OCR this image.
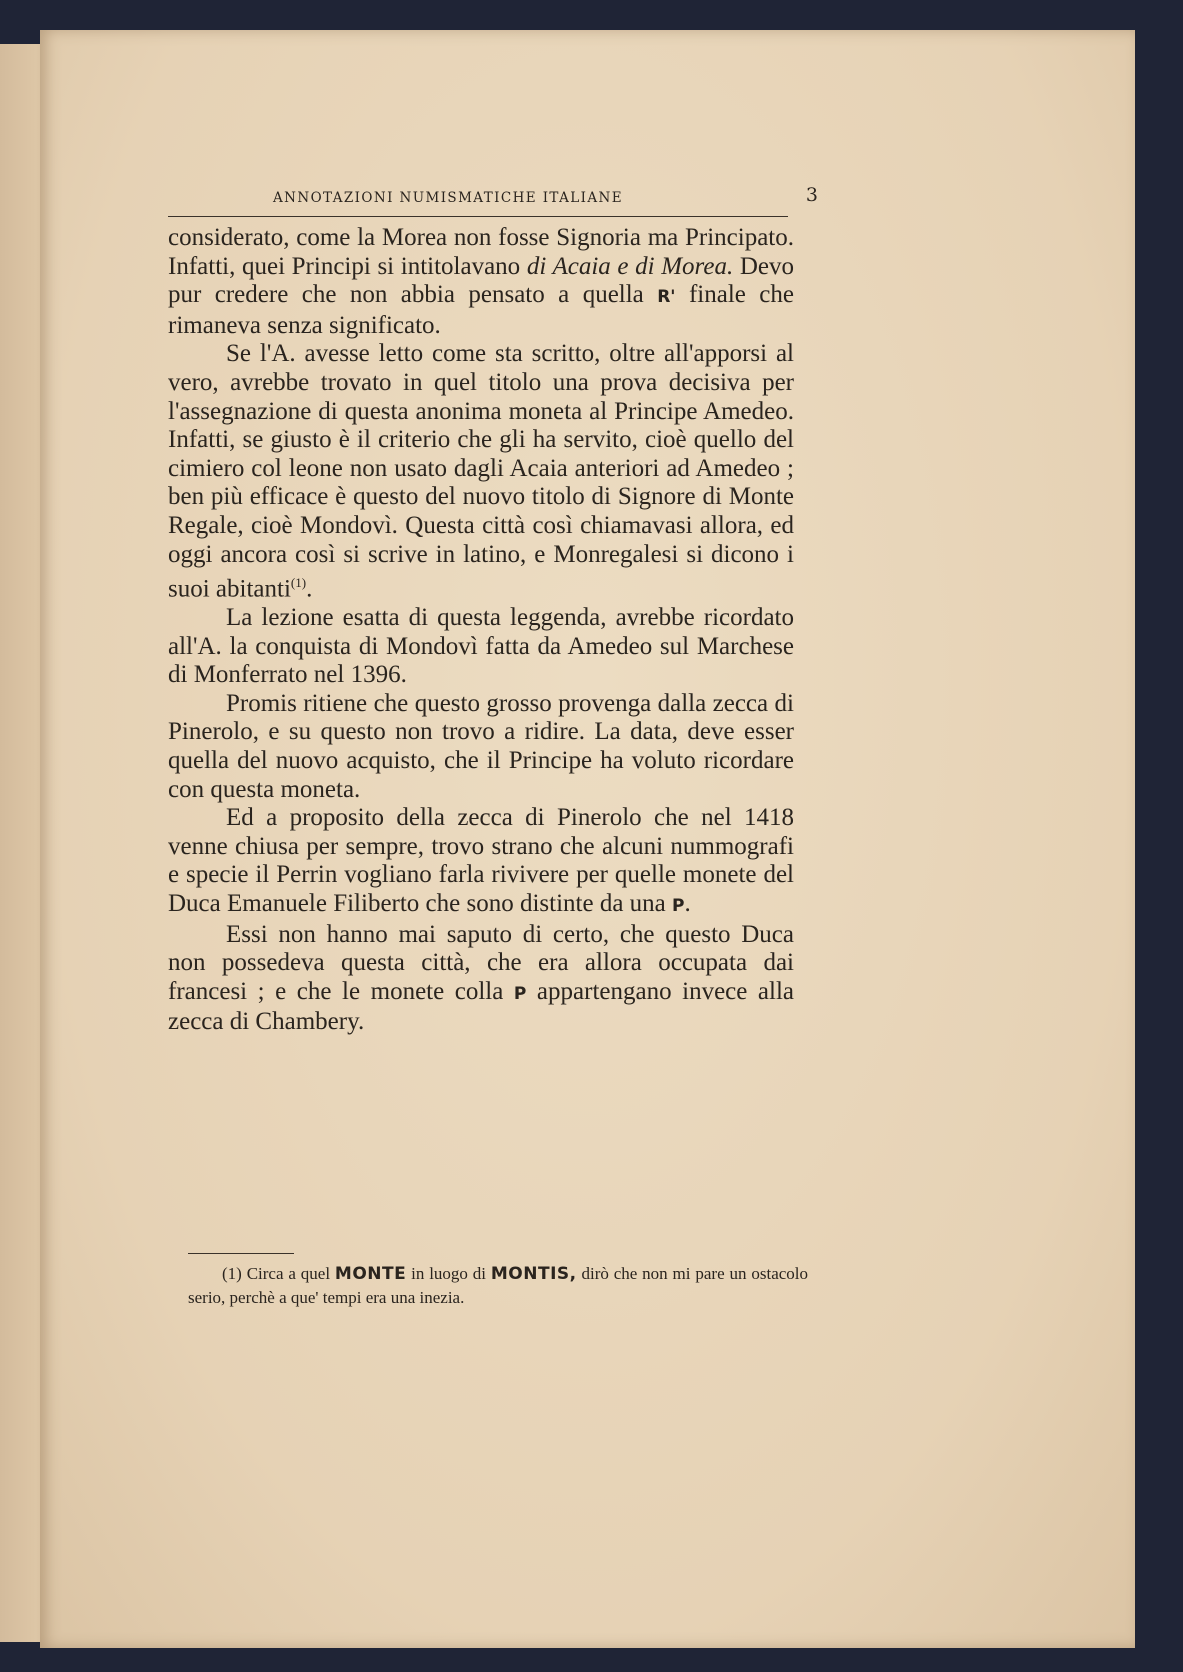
ANNOTAZIONI NUMISMATICHE ITALIANE	3

considerato, come la Morea non fosse Signoria ma Principato. Infatti, quei Principi si intitolavano di Acaia e di Morea. Devo pur credere che non abbia pensato a quella R' finale che rimaneva senza significato.

Se l'A. avesse letto come sta scritto, oltre all'apporsi al vero, avrebbe trovato in quel titolo una prova decisiva per l'assegnazione di questa anonima moneta al Principe Amedeo. Infatti, se giusto è il criterio che gli ha servito, cioè quello del cimiero col leone non usato dagli Acaia anteriori ad Amedeo ; ben più efficace è questo del nuovo titolo di Signore di Monte Regale, cioè Mondovì. Questa città così chiamavasi allora, ed oggi ancora così si scrive in latino, e Monregalesi si dicono i suoi abitanti$^{(1)}$.

La lezione esatta di questa leggenda, avrebbe ricordato all'A. la conquista di Mondovì fatta da Amedeo sul Marchese di Monferrato nel 1396.

Promis ritiene che questo grosso provenga dalla zecca di Pinerolo, e su questo non trovo a ridire. La data, deve esser quella del nuovo acquisto, che il Principe ha voluto ricordare con questa moneta.

Ed a proposito della zecca di Pinerolo che nel 1418 venne chiusa per sempre, trovo strano che alcuni nummografi e specie il Perrin vogliano farla rivivere per quelle monete del Duca Emanuele Filiberto che sono distinte da una P.

Essi non hanno mai saputo di certo, che questo Duca non possedeva questa città, che era allora occupata dai francesi ; e che le monete colla P appartengano invece alla zecca di Chambery.

(1) Circa a quel MONTE in luogo di MONTIS, dirò che non mi pare un ostacolo serio, perchè a que' tempi era una inezia.
